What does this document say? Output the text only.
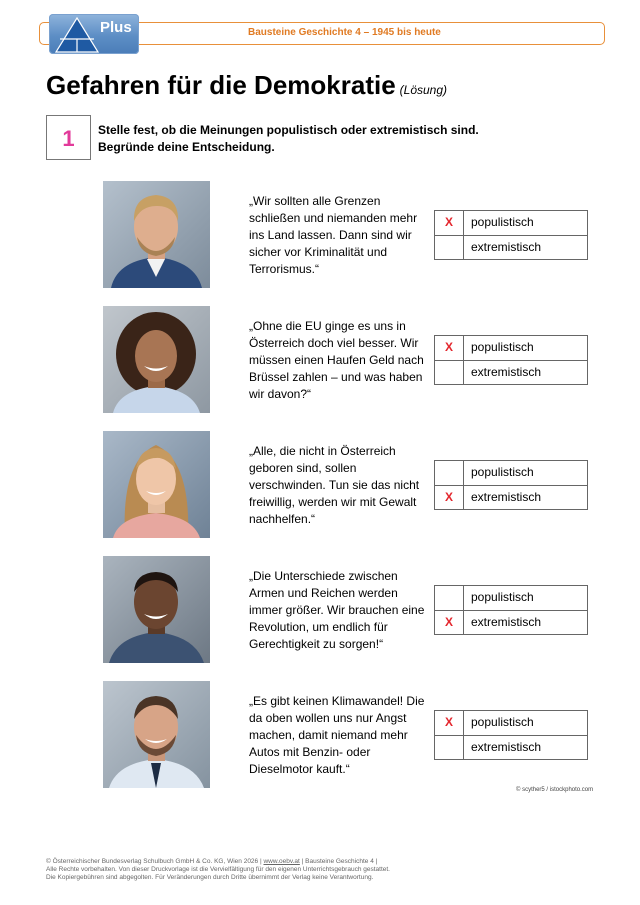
Plus	Bausteine Geschichte 4 – 1945 bis heute
Gefahren für die Demokratie (Lösung)
1	Stelle fest, ob die Meinungen populistisch oder extremistisch sind.
Begründe deine Entscheidung.
„Wir sollten alle Grenzen schließen und niemanden mehr ins Land lassen. Dann sind wir sicher vor Kriminalität und Terrorismus.“
X	populistisch
extremistisch
„Ohne die EU ginge es uns in Österreich doch viel besser. Wir müssen einen Haufen Geld nach Brüssel zahlen – und was haben wir davon?“
X	populistisch
extremistisch
„Alle, die nicht in Österreich geboren sind, sollen verschwinden. Tun sie das nicht freiwillig, werden wir mit Gewalt nachhelfen.“
populistisch
X	extremistisch
„Die Unterschiede zwischen Armen und Reichen werden immer größer. Wir brauchen eine Revolution, um endlich für Gerechtigkeit zu sorgen!“
populistisch
X	extremistisch
„Es gibt keinen Klimawandel! Die da oben wollen uns nur Angst machen, damit niemand mehr Autos mit Benzin- oder Dieselmotor kauft.“
X	populistisch
extremistisch
© scyther5 / istockphoto.com
© Österreichischer Bundesverlag Schulbuch GmbH & Co. KG, Wien 2026 | www.oebv.at | Bausteine Geschichte 4 |
Alle Rechte vorbehalten. Von dieser Druckvorlage ist die Vervielfältigung für den eigenen Unterrichtsgebrauch gestattet.
Die Kopiergebühren sind abgegolten. Für Veränderungen durch Dritte übernimmt der Verlag keine Verantwortung.
